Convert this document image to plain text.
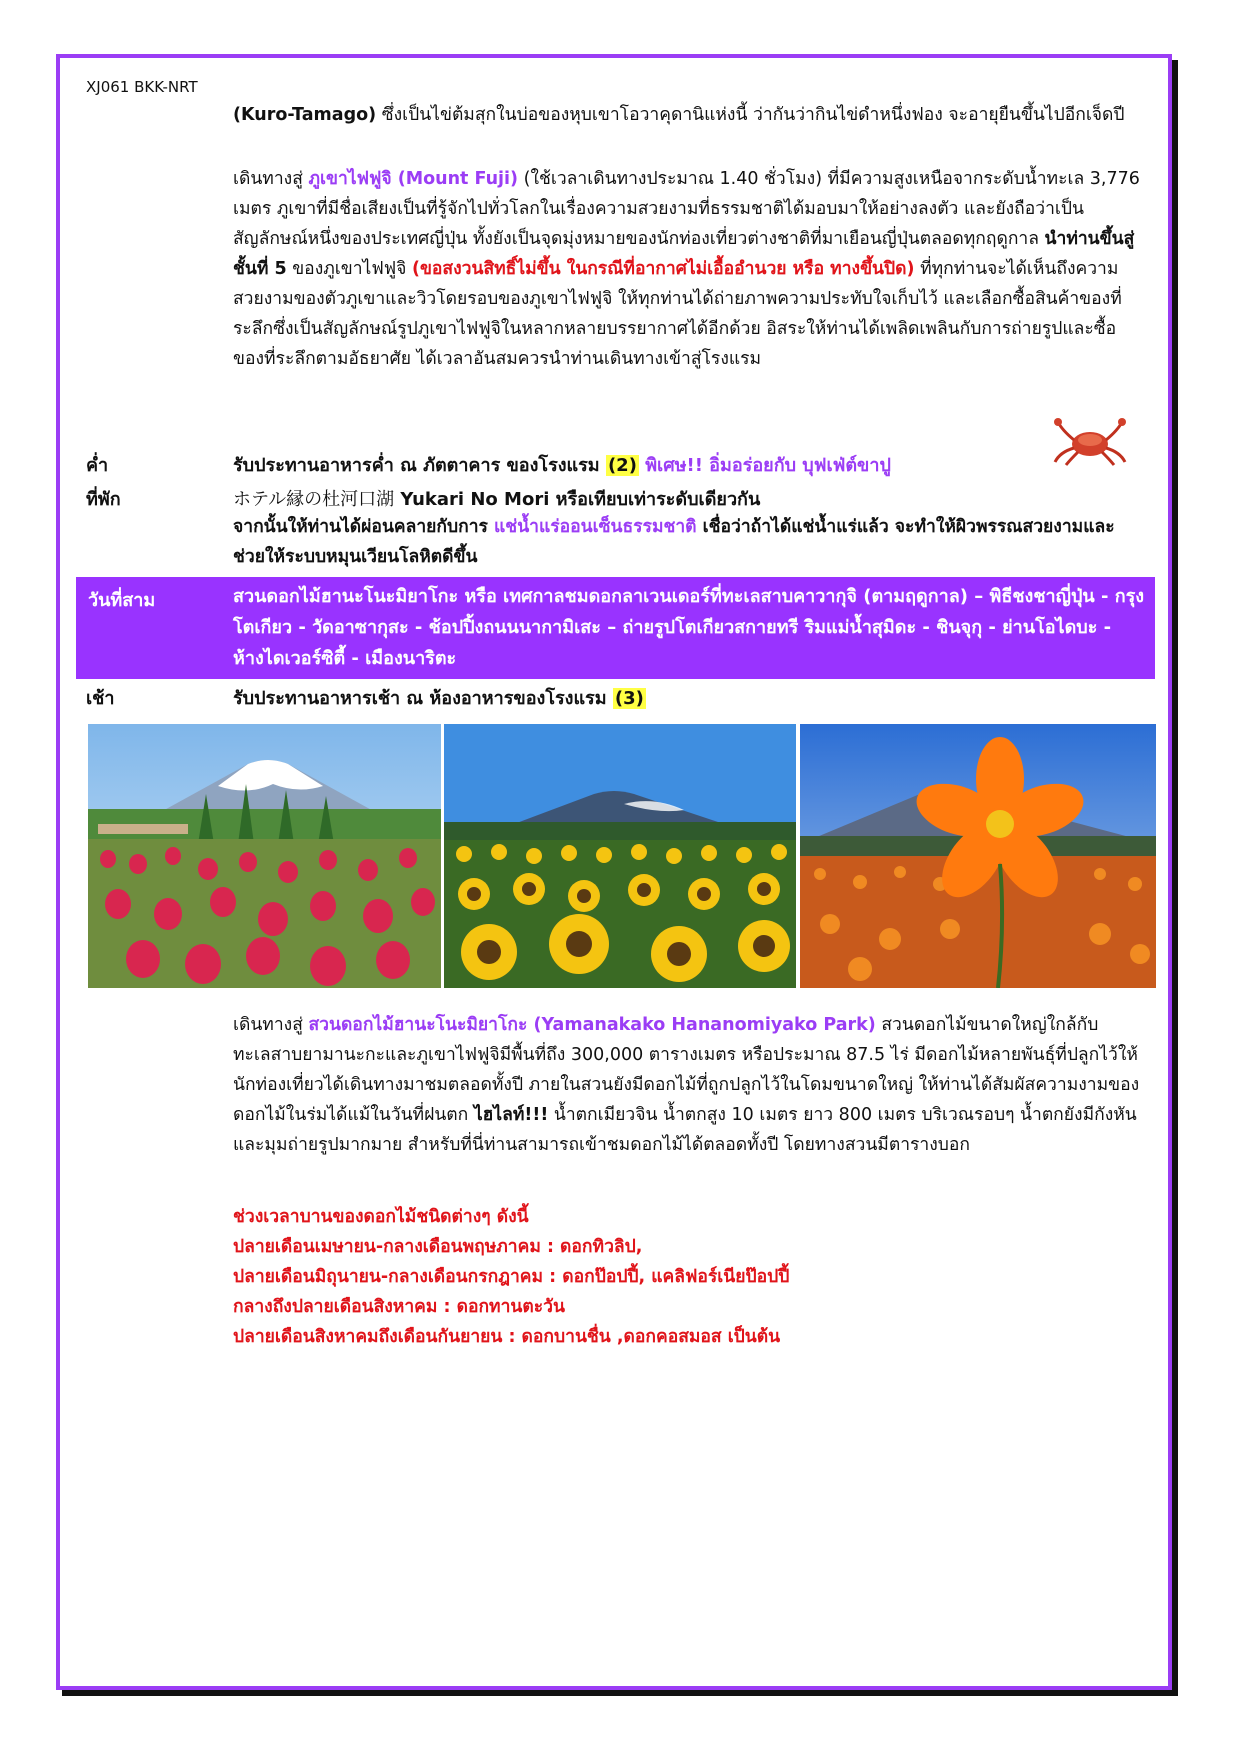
XJ061 BKK-NRT
(Kuro-Tamago) ซึ่งเป็นไข่ต้มสุกในบ่อของหุบเขาโอวาคุดานิแห่งนี้ ว่ากันว่ากินไข่ดำหนึ่งฟอง จะอายุยืนขึ้นไปอีกเจ็ดปี
เดินทางสู่ ภูเขาไฟฟูจิ (Mount Fuji) (ใช้เวลาเดินทางประมาณ 1.40 ชั่วโมง) ที่มีความสูงเหนือจากระดับน้ำทะเล 3,776 เมตร ภูเขาที่มีชื่อเสียงเป็นที่รู้จักไปทั่วโลกในเรื่องความสวยงามที่ธรรมชาติได้มอบมาให้อย่างลงตัว และยังถือว่าเป็นสัญลักษณ์หนึ่งของประเทศญี่ปุ่น ทั้งยังเป็นจุดมุ่งหมายของนักท่องเที่ยวต่างชาติที่มาเยือนญี่ปุ่นตลอดทุกฤดูกาล นำท่านขึ้นสู่ชั้นที่ 5 ของภูเขาไฟฟูจิ (ขอสงวนสิทธิ์ไม่ขึ้น ในกรณีที่อากาศไม่เอื้ออำนวย หรือ ทางขึ้นปิด) ที่ทุกท่านจะได้เห็นถึงความสวยงามของตัวภูเขาและวิวโดยรอบของภูเขาไฟฟูจิ ให้ทุกท่านได้ถ่ายภาพความประทับใจเก็บไว้ และเลือกซื้อสินค้าของที่ระลึกซึ่งเป็นสัญลักษณ์รูปภูเขาไฟฟูจิในหลากหลายบรรยากาศได้อีกด้วย อิสระให้ท่านได้เพลิดเพลินกับการถ่ายรูปและซื้อของที่ระลึกตามอัธยาศัย ได้เวลาอันสมควรนำท่านเดินทางเข้าสู่โรงแรม
ค่ำ	รับประทานอาหารค่ำ ณ ภัตตาคาร ของโรงแรม (2) พิเศษ!! อิ่มอร่อยกับ บุฟเฟ่ต์ขาปู
ที่พัก	ホテル縁の杜河口湖 Yukari No Mori หรือเทียบเท่าระดับเดียวกัน
จากนั้นให้ท่านได้ผ่อนคลายกับการ แช่น้ำแร่ออนเซ็นธรรมชาติ เชื่อว่าถ้าได้แช่น้ำแร่แล้ว จะทำให้ผิวพรรณสวยงามและช่วยให้ระบบหมุนเวียนโลหิตดีขึ้น
วันที่สาม	สวนดอกไม้ฮานะโนะมิยาโกะ หรือ เทศกาลชมดอกลาเวนเดอร์ที่ทะเลสาบคาวากุจิ (ตามฤดูกาล) – พิธีชงชาญี่ปุ่น - กรุงโตเกียว - วัดอาซากุสะ - ช้อปปิ้งถนนนากามิเสะ – ถ่ายรูปโตเกียวสกายทรี ริมแม่น้ำสุมิดะ - ชินจุกุ - ย่านโอไดบะ - ห้างไดเวอร์ซิตี้ - เมืองนาริตะ
เช้า	รับประทานอาหารเช้า ณ ห้องอาหารของโรงแรม (3)
เดินทางสู่ สวนดอกไม้ฮานะโนะมิยาโกะ (Yamanakako Hananomiyako Park) สวนดอกไม้ขนาดใหญ่ใกล้กับทะเลสาบยามานะกะและภูเขาไฟฟูจิมีพื้นที่ถึง 300,000 ตารางเมตร หรือประมาณ 87.5 ไร่ มีดอกไม้หลายพันธุ์ที่ปลูกไว้ให้นักท่องเที่ยวได้เดินทางมาชมตลอดทั้งปี ภายในสวนยังมีดอกไม้ที่ถูกปลูกไว้ในโดมขนาดใหญ่ ให้ท่านได้สัมผัสความงามของดอกไม้ในร่มได้แม้ในวันที่ฝนตก ไฮไลท์!!! น้ำตกเมียวจิน น้ำตกสูง 10 เมตร ยาว 800 เมตร บริเวณรอบๆ น้ำตกยังมีกังหันและมุมถ่ายรูปมากมาย สำหรับที่นี่ท่านสามารถเข้าชมดอกไม้ได้ตลอดทั้งปี โดยทางสวนมีตารางบอก
ช่วงเวลาบานของดอกไม้ชนิดต่างๆ ดังนี้
ปลายเดือนเมษายน-กลางเดือนพฤษภาคม : ดอกทิวลิป,
ปลายเดือนมิถุนายน-กลางเดือนกรกฎาคม : ดอกป๊อปปี้, แคลิฟอร์เนียป๊อปปี้
กลางถึงปลายเดือนสิงหาคม : ดอกทานตะวัน
ปลายเดือนสิงหาคมถึงเดือนกันยายน : ดอกบานชื่น ,ดอกคอสมอส เป็นต้น
